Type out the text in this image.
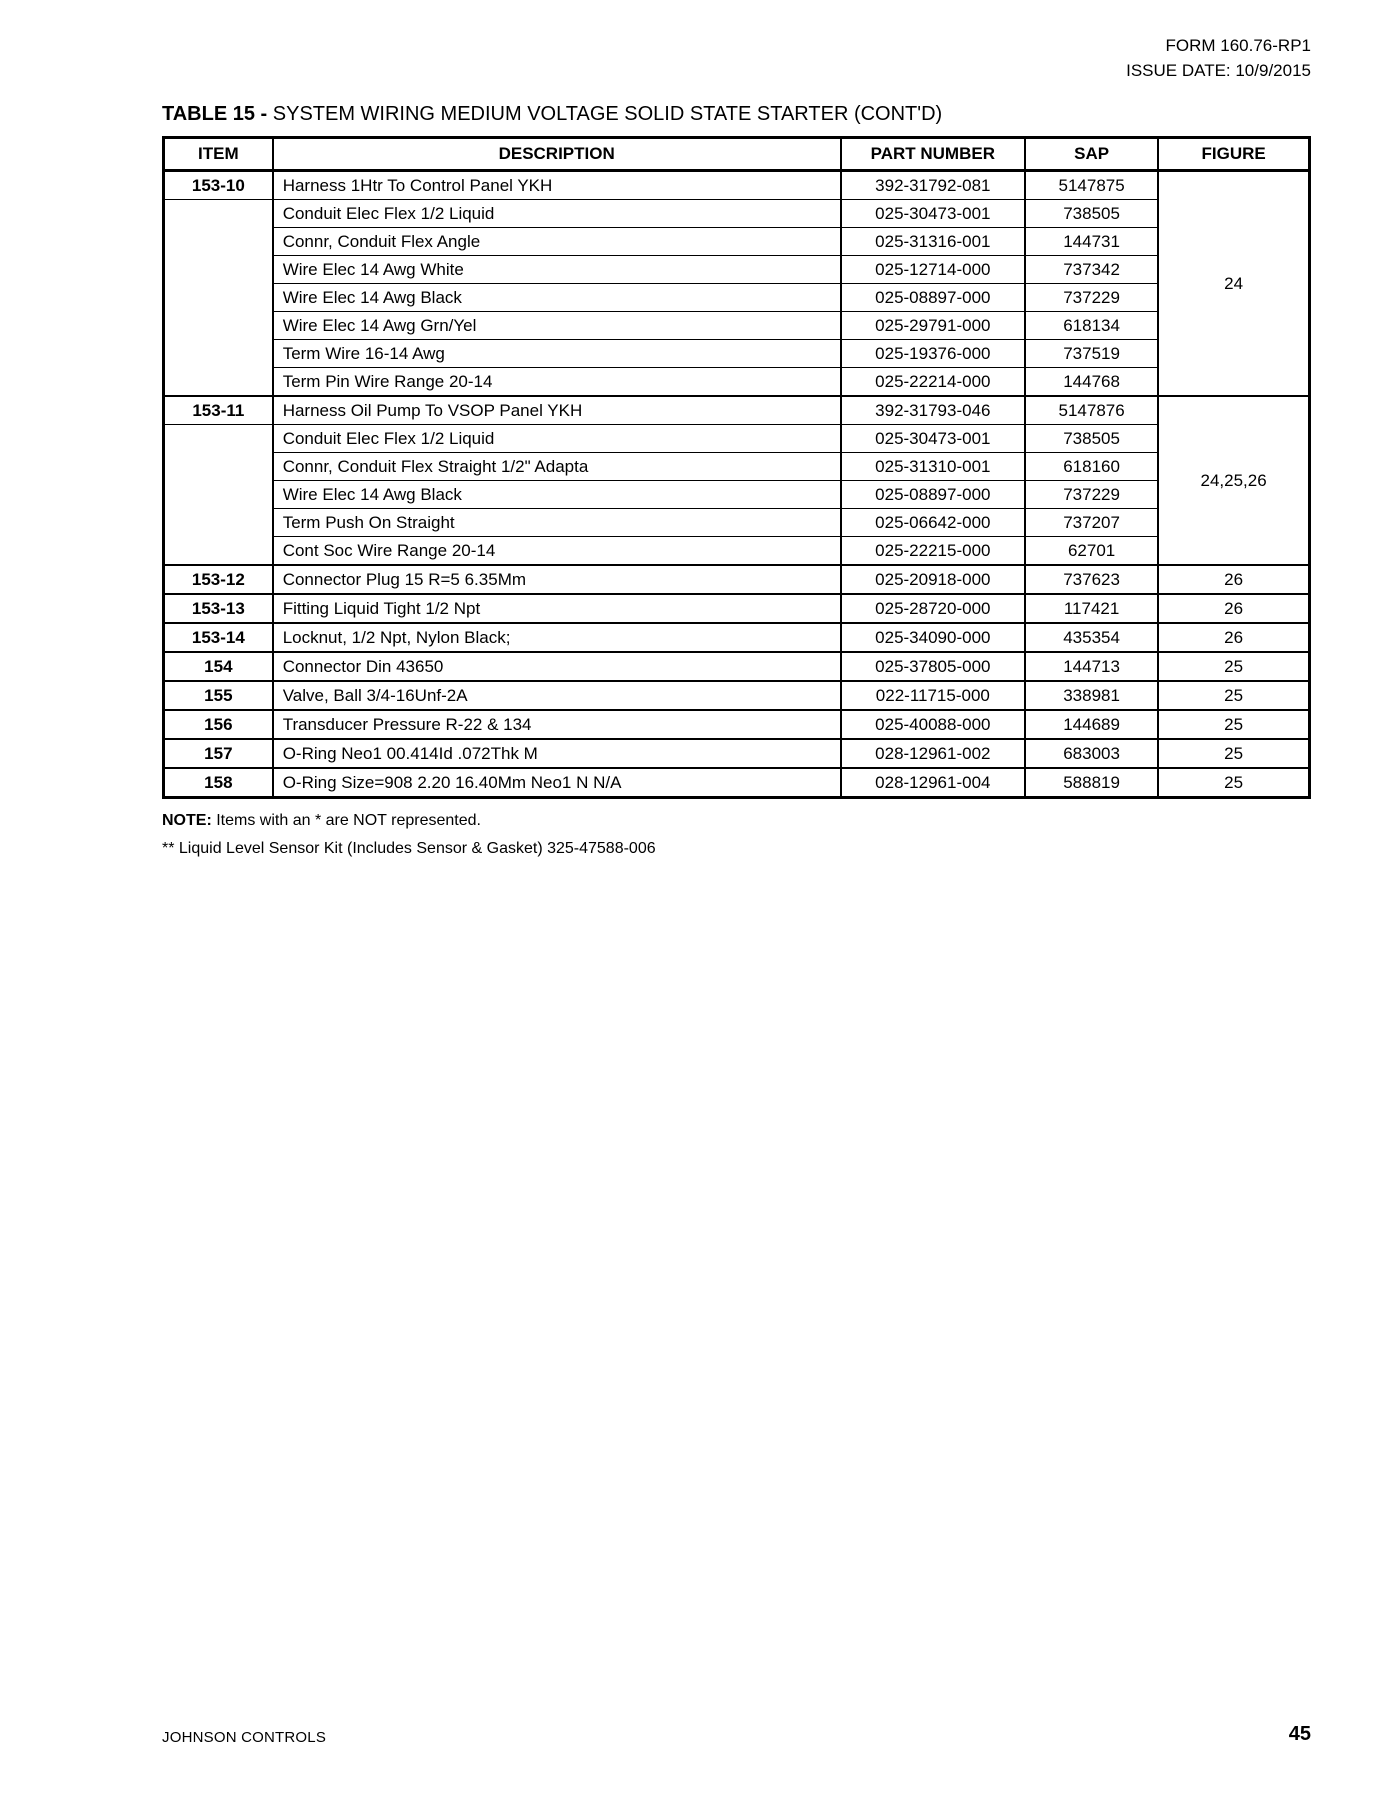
FORM 160.76-RP1
ISSUE DATE: 10/9/2015
TABLE 15 - SYSTEM WIRING MEDIUM VOLTAGE SOLID STATE STARTER (CONT'D)
ITEM	DESCRIPTION	PART NUMBER	SAP	FIGURE
153-10	Harness 1Htr To Control Panel YKH	392-31792-081	5147875	24
	Conduit Elec Flex 1/2 Liquid	025-30473-001	738505	
	Connr, Conduit Flex Angle	025-31316-001	144731	
	Wire Elec 14 Awg White	025-12714-000	737342	
	Wire Elec 14 Awg Black	025-08897-000	737229	
	Wire Elec 14 Awg Grn/Yel	025-29791-000	618134	
	Term Wire 16-14 Awg	025-19376-000	737519	
	Term Pin Wire Range 20-14	025-22214-000	144768	
153-11	Harness Oil Pump To VSOP Panel YKH	392-31793-046	5147876	24,25,26
	Conduit Elec Flex 1/2 Liquid	025-30473-001	738505	
	Connr, Conduit Flex Straight 1/2" Adapta	025-31310-001	618160	
	Wire Elec 14 Awg Black	025-08897-000	737229	
	Term Push On Straight	025-06642-000	737207	
	Cont Soc Wire Range 20-14	025-22215-000	62701	
153-12	Connector Plug 15 R=5 6.35Mm	025-20918-000	737623	26
153-13	Fitting Liquid Tight 1/2 Npt	025-28720-000	117421	26
153-14	Locknut, 1/2 Npt, Nylon Black;	025-34090-000	435354	26
154	Connector Din 43650	025-37805-000	144713	25
155	Valve, Ball 3/4-16Unf-2A	022-11715-000	338981	25
156	Transducer Pressure R-22 & 134	025-40088-000	144689	25
157	O-Ring Neo1 00.414Id .072Thk M	028-12961-002	683003	25
158	O-Ring Size=908 2.20 16.40Mm Neo1 N N/A	028-12961-004	588819	25
NOTE: Items with an * are NOT represented.
** Liquid Level Sensor Kit (Includes Sensor & Gasket) 325-47588-006
JOHNSON CONTROLS	45
